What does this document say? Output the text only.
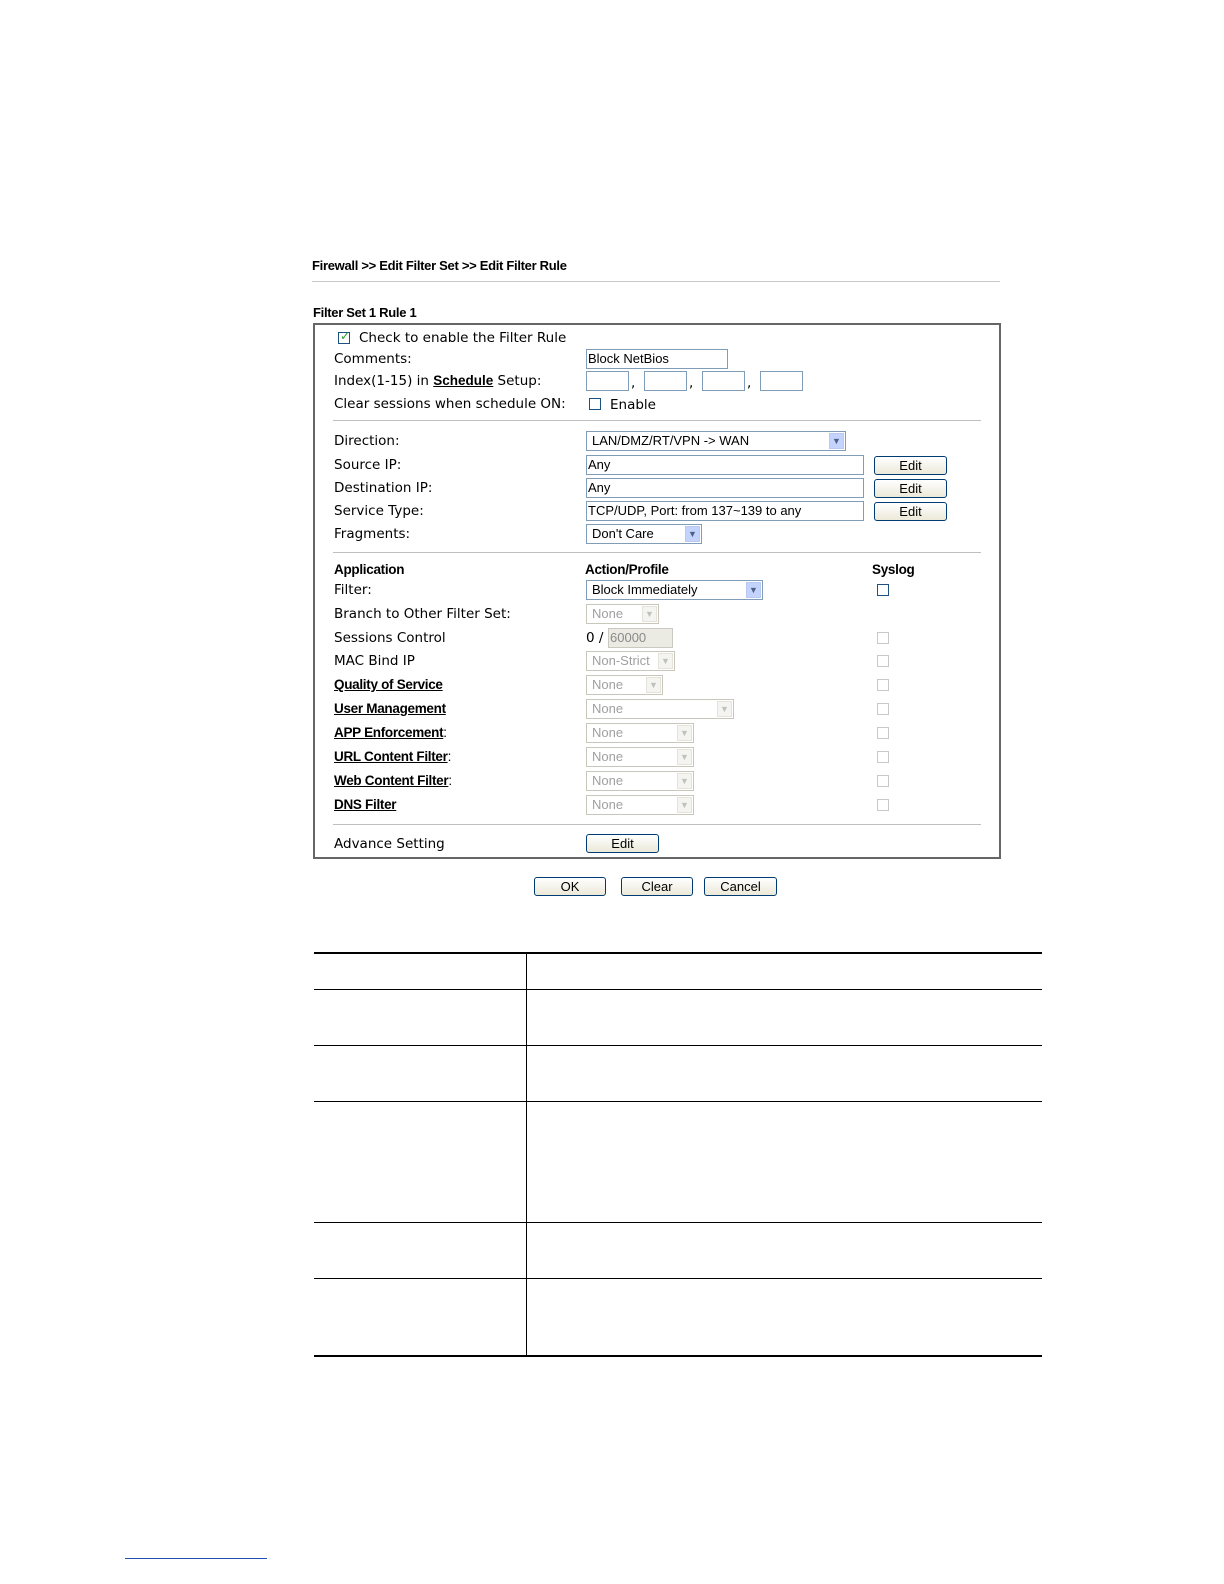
Firewall >> Edit Filter Set >> Edit Filter Rule
Filter Set 1 Rule 1
✓ Check to enable the Filter Rule
Comments:	Block NetBios
Index(1-15) in Schedule Setup:	,	,	,
Clear sessions when schedule ON:	Enable
Direction:	LAN/DMZ/RT/VPN -> WAN	▼
Source IP:	Any	Edit
Destination IP:	Any	Edit
Service Type:	TCP/UDP, Port: from 137~139 to any	Edit
Fragments:	Don't Care	▼
Application	Action/Profile	Syslog
Filter:	Block Immediately	▼
Branch to Other Filter Set:	None	▼
Sessions Control	0 / 60000
MAC Bind IP	Non-Strict	▼
Quality of Service	None	▼
User Management	None	▼
APP Enforcement:	None	▼
URL Content Filter:	None	▼
Web Content Filter:	None	▼
DNS Filter	None	▼
Advance Setting	Edit
OK	Clear	Cancel
